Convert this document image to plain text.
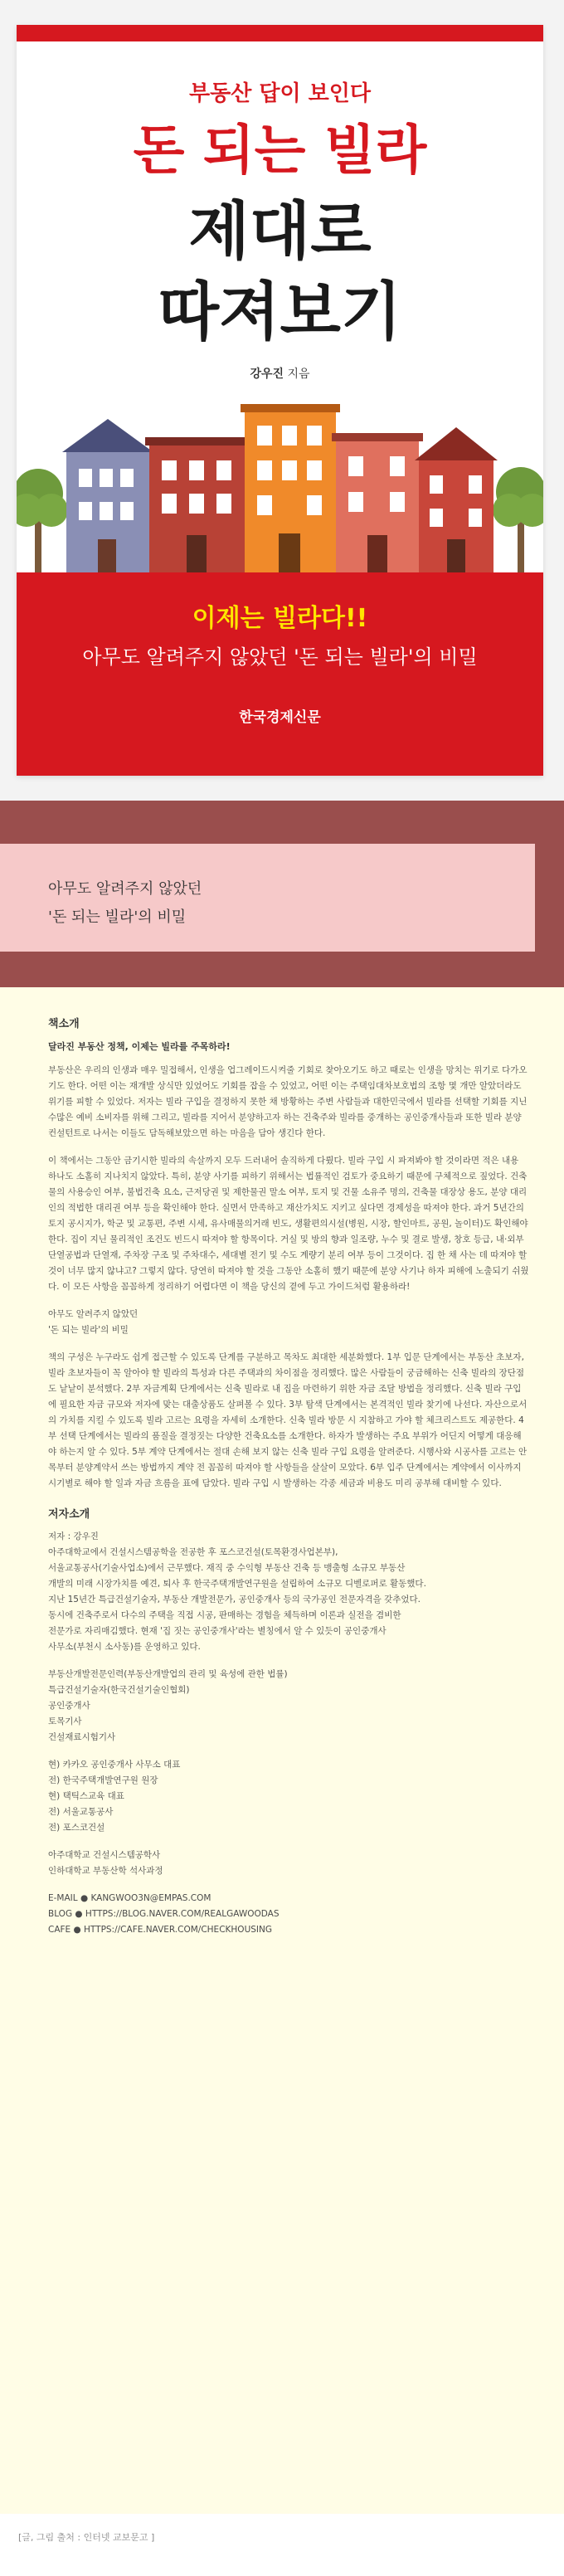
부동산 답이 보인다
돈 되는 빌라
제대로
따져보기
강우진 지음
이제는 빌라다!!
아무도 알려주지 않았던 '돈 되는 빌라'의 비밀
한국경제신문
아무도 알려주지 않았던
'돈 되는 빌라'의 비밀
책소개
달라진 부동산 정책, 이제는 빌라를 주목하라!

부동산은 우리의 인생과 매우 밀접해서, 인생을 업그레이드시켜줄 기회로 찾아오기도 하고 때로는 인생을 망치는 위기로 다가오기도 한다. 어떤 이는 재개발 상식만 있었어도 기회를 잡을 수 있었고, 어떤 이는 주택임대차보호법의 조항 몇 개만 알았더라도 위기를 피할 수 있었다. 저자는 빌라 구입을 결정하지 못한 채 방황하는 주변 사람들과 대한민국에서 빌라를 선택할 기회를 지닌 수많은 예비 소비자를 위해 그리고, 빌라를 지어서 분양하고자 하는 건축주와 빌라를 중개하는 공인중개사들과 또한 빌라 분양 컨설턴트로 나서는 이들도 담독해보았으면 하는 마음을 담아 생긴다 한다.

이 책에서는 그동안 금기시한 빌라의 속살까지 모두 드러내어 솔직하게 다뤘다. 빌라 구입 시 파져봐야 할 것이라면 적은 내용 하나도 소홀히 지나치지 않았다. 특히, 분양 사기를 피하기 위해서는 법률적인 검토가 중요하기 때문에 구체적으로 짚었다. 건축물의 사용승인 여부, 불법건축 요소, 근저당권 및 제한물권 말소 여부, 토지 및 건물 소유주 명의, 건축물 대장상 용도, 분양 대리인의 적법한 대리권 여부 등을 확인해야 한다. 실면서 만족하고 재산가치도 지키고 싶다면 경제성을 따져야 한다. 과거 5년간의 토지 공시지가, 학군 및 교통편, 주변 시세, 유사매물의거래 빈도, 생활편의시설(병원, 시장, 할인마트, 공원, 놀이터)도 확인해야 한다. 집이 지닌 물리적인 조건도 빈드시 따져야 할 항목이다. 거실 및 방의 향과 일조량, 누수 및 결로 발생, 창호 등급, 내·외부 단열공법과 단열재, 주차장 구조 및 주차대수, 세대별 전기 및 수도 계량기 분리 여부 등이 그것이다. 집 한 채 사는 데 따져야 할 것이 너무 많지 않냐고? 그렇지 않다. 당연히 따져야 할 것을 그동안 소홀히 했기 때문에 분양 사기나 하자 피해에 노출되기 쉬웠다. 이 모든 사항을 꼼꼼하게 정리하기 어렵다면 이 책을 당신의 곁에 두고 가이드처럼 활용하라!

아무도 알려주지 않았던
'돈 되는 빌라'의 비밀

책의 구성은 누구라도 쉽게 접근할 수 있도록 단계를 구분하고 목차도 최대한 세분화했다. 1부 입문 단계에서는 부동산 초보자, 빌라 초보자들이 꼭 알아야 할 빌라의 특성과 다른 주택과의 차이점을 정리했다. 많은 사람들이 궁금해하는 신축 빌라의 장단점도 낱낱이 분석했다. 2부 자금계획 단계에서는 신축 빌라로 내 집을 마련하기 위한 자금 조달 방법을 정리했다. 신축 빌라 구입에 필요한 자금 규모와 저자에 맞는 대출상품도 살펴볼 수 있다. 3부 탐색 단계에서는 본격적인 빌라 찾기에 나선다. 자산으로서의 가치를 지킬 수 있도록 빌라 고르는 요령을 자세히 소개한다. 신축 빌라 방문 시 지참하고 가야 할 체크리스트도 제공한다. 4부 선택 단계에서는 빌라의 품질을 결정짓는 다양한 건축요소를 소개한다. 하자가 발생하는 주요 부위가 어딘지 어떻게 대응해야 하는지 알 수 있다. 5부 계약 단계에서는 절대 손해 보지 않는 신축 빌라 구입 요령을 알려준다. 시행사와 시공사를 고르는 안목부터 분양계약서 쓰는 방법까지 계약 전 꼼꼼히 따져야 할 사항들을 살살이 모았다. 6부 입주 단계에서는 계약에서 이사까지 시기별로 해야 할 일과 자금 흐름을 표에 담았다. 빌라 구입 시 발생하는 각종 세금과 비용도 미리 공부해 대비할 수 있다.

저자소개
저자 : 강우진
아주대학교에서 건설시스템공학을 전공한 후 포스코건설(토목환경사업본부),
서울교통공사(기술사업소)에서 근무했다. 재직 중 수익형 부동산 건축 등 맹출형 소규모 부동산
개발의 미래 시장가치를 예견, 퇴사 후 한국주택개발연구원을 설립하여 소규모 디벨로퍼로 활동했다.
지난 15년간 특급건설기술자, 부동산 개발전문가, 공인중개사 등의 국가공인 전문자격을 갖추었다.
동시에 건축주로서 다수의 주택을 직접 시공, 판매하는 경험을 체득하며 이론과 실전을 겸비한
전문가로 자리매김했다. 현재 '집 짓는 공인중개사'라는 별칭에서 알 수 있듯이 공인중개사
사무소(부천시 소사동)를 운영하고 있다.
부동산개발전문인력(부동산개발업의 관리 및 육성에 관한 법률)
특급건설기술자(한국건설기술인협회)
공인중개사
토목기사
건설재료시험기사
현) 카카오 공인중개사 사무소 대표
전) 한국주택개발연구원 원장
현) 택틱스교육 대표
전) 서울교통공사
전) 포스코건설
아주대학교 건설시스템공학사
인하대학교 부동산학 석사과정
E-MAIL ● KANGWOO3N@EMPAS.COM
BLOG ● HTTPS://BLOG.NAVER.COM/REALGAWOODAS
CAFE ● HTTPS://CAFE.NAVER.COM/CHECKHOUSING
[글, 그림 출처 : 인터넷 교보문고 ]
